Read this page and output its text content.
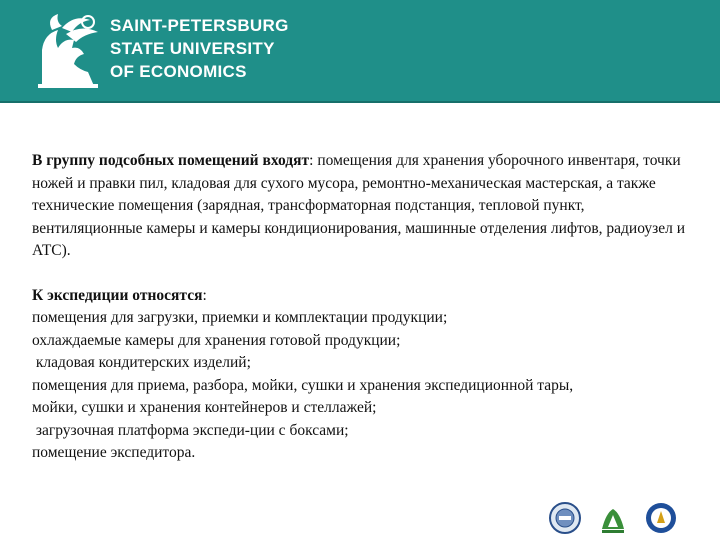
SAINT-PETERSBURG
STATE UNIVERSITY
OF ECONOMICS

В группу подсобных помещений входят: помещения для хранения уборочного инвентаря, точки ножей и правки пил, кладовая для сухого мусора, ремонтно-механическая мастерская, а также технические помещения (зарядная, трансформаторная подстанция, тепловой пункт, вентиляционные камеры и камеры кондиционирования, машинные отделения лифтов, радиоузел и АТС).

К экспедиции относятся:
помещения для загрузки, приемки и комплектации продукции;
охлаждаемые камеры для хранения готовой продукции;
кладовая кондитерских изделий;
помещения для приема, разбора, мойки, сушки и хранения экспедиционной тары,
мойки, сушки и хранения контейнеров и стеллажей;
загрузочная платформа экспеди-ции с боксами;
помещение экспедитора.
